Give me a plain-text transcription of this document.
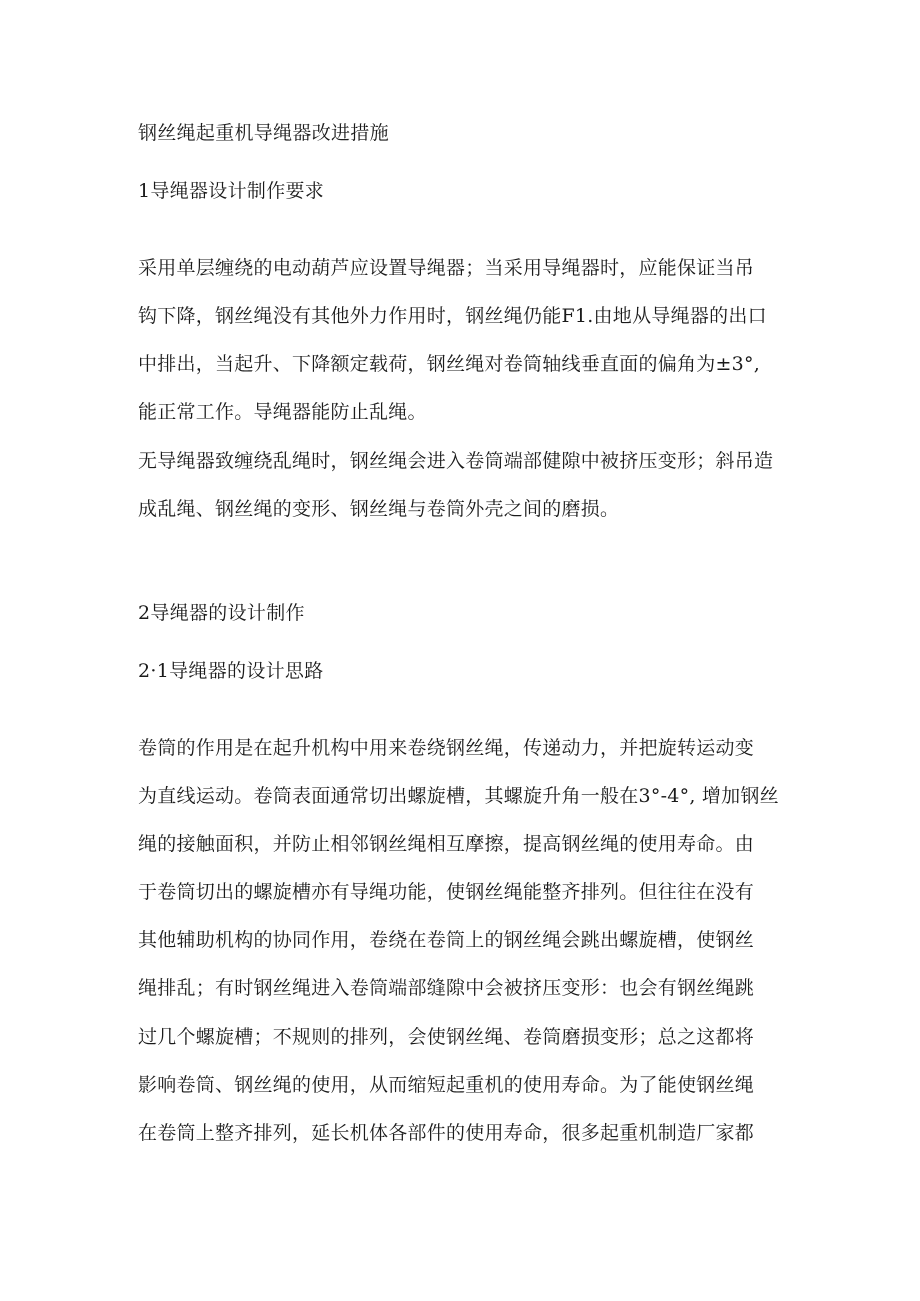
钢丝绳起重机导绳器改进措施
1导绳器设计制作要求
采用单层缠绕的电动葫芦应设置导绳器；当采用导绳器时，应能保证当吊
钩下降，钢丝绳没有其他外力作用时，钢丝绳仍能F1.由地从导绳器的出口
中排出，当起升、下降额定载荷，钢丝绳对卷筒轴线垂直面的偏角为±3°,
能正常工作。导绳器能防止乱绳。
无导绳器致缠绕乱绳时，钢丝绳会进入卷筒端部健隙中被挤压变形；斜吊造
成乱绳、钢丝绳的变形、钢丝绳与卷筒外壳之间的磨损。
2导绳器的设计制作
2·1导绳器的设计思路
卷筒的作用是在起升机构中用来卷绕钢丝绳，传递动力，并把旋转运动变
为直线运动。卷筒表面通常切出螺旋槽，其螺旋升角一般在3°-4°, 增加钢丝
绳的接触面积，并防止相邻钢丝绳相互摩擦，提高钢丝绳的使用寿命。由
于卷筒切出的螺旋槽亦有导绳功能，使钢丝绳能整齐排列。但往往在没有
其他辅助机构的协同作用，卷绕在卷筒上的钢丝绳会跳出螺旋槽，使钢丝
绳排乱；有时钢丝绳进入卷筒端部缝隙中会被挤压变形：也会有钢丝绳跳
过几个螺旋槽；不规则的排列，会使钢丝绳、卷筒磨损变形；总之这都将
影响卷筒、钢丝绳的使用，从而缩短起重机的使用寿命。为了能使钢丝绳
在卷筒上整齐排列，延长机体各部件的使用寿命，很多起重机制造厂家都
